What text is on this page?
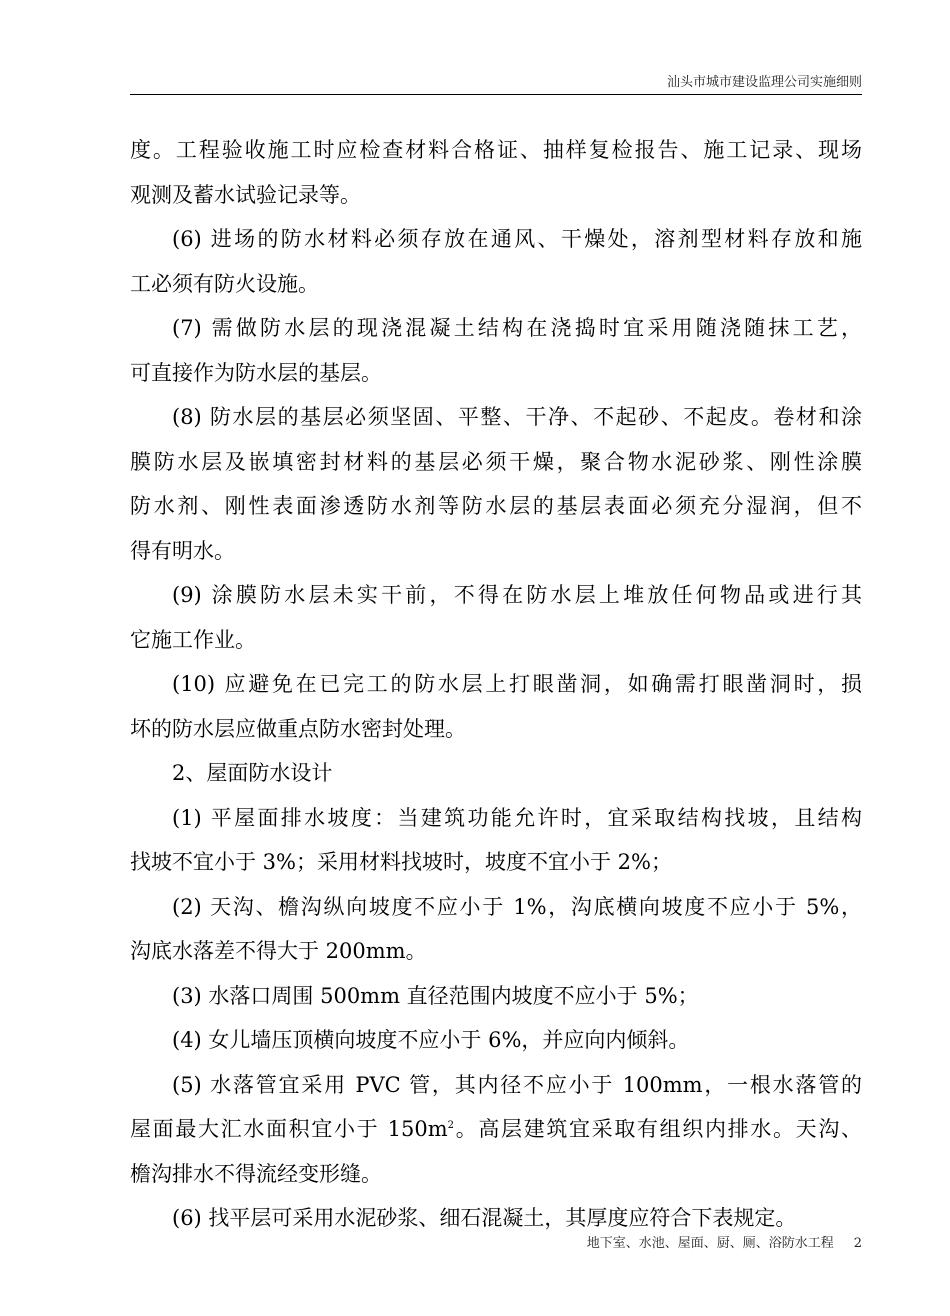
汕头市城市建设监理公司实施细则
度。工程验收施工时应检查材料合格证、抽样复检报告、施工记录、现场
观测及蓄水试验记录等。
(6) 进场的防水材料必须存放在通风、干燥处，溶剂型材料存放和施
工必须有防火设施。
(7) 需做防水层的现浇混凝土结构在浇捣时宜采用随浇随抹工艺，
可直接作为防水层的基层。
(8) 防水层的基层必须坚固、平整、干净、不起砂、不起皮。卷材和涂
膜防水层及嵌填密封材料的基层必须干燥，聚合物水泥砂浆、刚性涂膜
防水剂、刚性表面渗透防水剂等防水层的基层表面必须充分湿润，但不
得有明水。
(9) 涂膜防水层未实干前，不得在防水层上堆放任何物品或进行其
它施工作业。
(10) 应避免在已完工的防水层上打眼凿洞，如确需打眼凿洞时，损
坏的防水层应做重点防水密封处理。
2、屋面防水设计
(1) 平屋面排水坡度：当建筑功能允许时，宜采取结构找坡，且结构
找坡不宜小于 3%；采用材料找坡时，坡度不宜小于 2%；
(2) 天沟、檐沟纵向坡度不应小于 1%，沟底横向坡度不应小于 5%，
沟底水落差不得大于 200mm。
(3) 水落口周围 500mm 直径范围内坡度不应小于 5%；
(4) 女儿墙压顶横向坡度不应小于 6%，并应向内倾斜。
(5) 水落管宜采用 PVC 管，其内径不应小于 100mm，一根水落管的
屋面最大汇水面积宜小于 $150m^2$。高层建筑宜采取有组织内排水。天沟、
檐沟排水不得流经变形缝。
(6) 找平层可采用水泥砂浆、细石混凝土，其厚度应符合下表规定。
地下室、水池、屋面、厨、厕、浴防水工程 2
